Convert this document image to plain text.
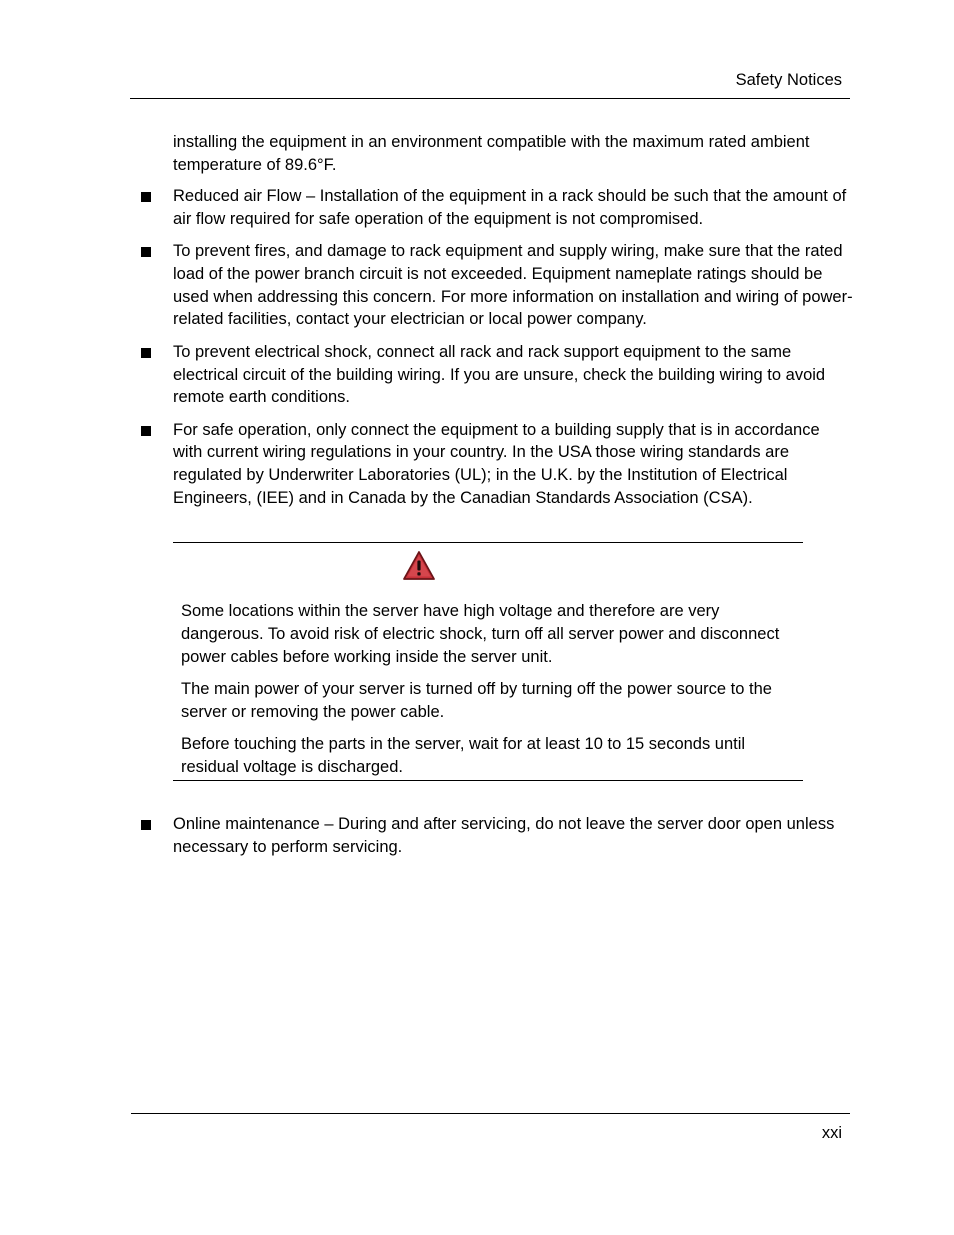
Safety Notices
installing the equipment in an environment compatible with the maximum rated ambient temperature of 89.6°F.

Reduced air Flow – Installation of the equipment in a rack should be such that the amount of air flow required for safe operation of the equipment is not compromised.

To prevent fires, and damage to rack equipment and supply wiring, make sure that the rated load of the power branch circuit is not exceeded. Equipment nameplate ratings should be used when addressing this concern. For more information on installation and wiring of power-related facilities, contact your electrician or local power company.

To prevent electrical shock, connect all rack and rack support equipment to the same electrical circuit of the building wiring. If you are unsure, check the building wiring to avoid remote earth conditions.

For safe operation, only connect the equipment to a building supply that is in accordance with current wiring regulations in your country. In the USA those wiring standards are regulated by Underwriter Laboratories (UL); in the U.K. by the Institution of Electrical Engineers, (IEE) and in Canada by the Canadian Standards Association (CSA).

Some locations within the server have high voltage and therefore are very dangerous. To avoid risk of electric shock, turn off all server power and disconnect power cables before working inside the server unit.

The main power of your server is turned off by turning off the power source to the server or removing the power cable.

Before touching the parts in the server, wait for at least 10 to 15 seconds until residual voltage is discharged.

Online maintenance – During and after servicing, do not leave the server door open unless necessary to perform servicing.

xxi
